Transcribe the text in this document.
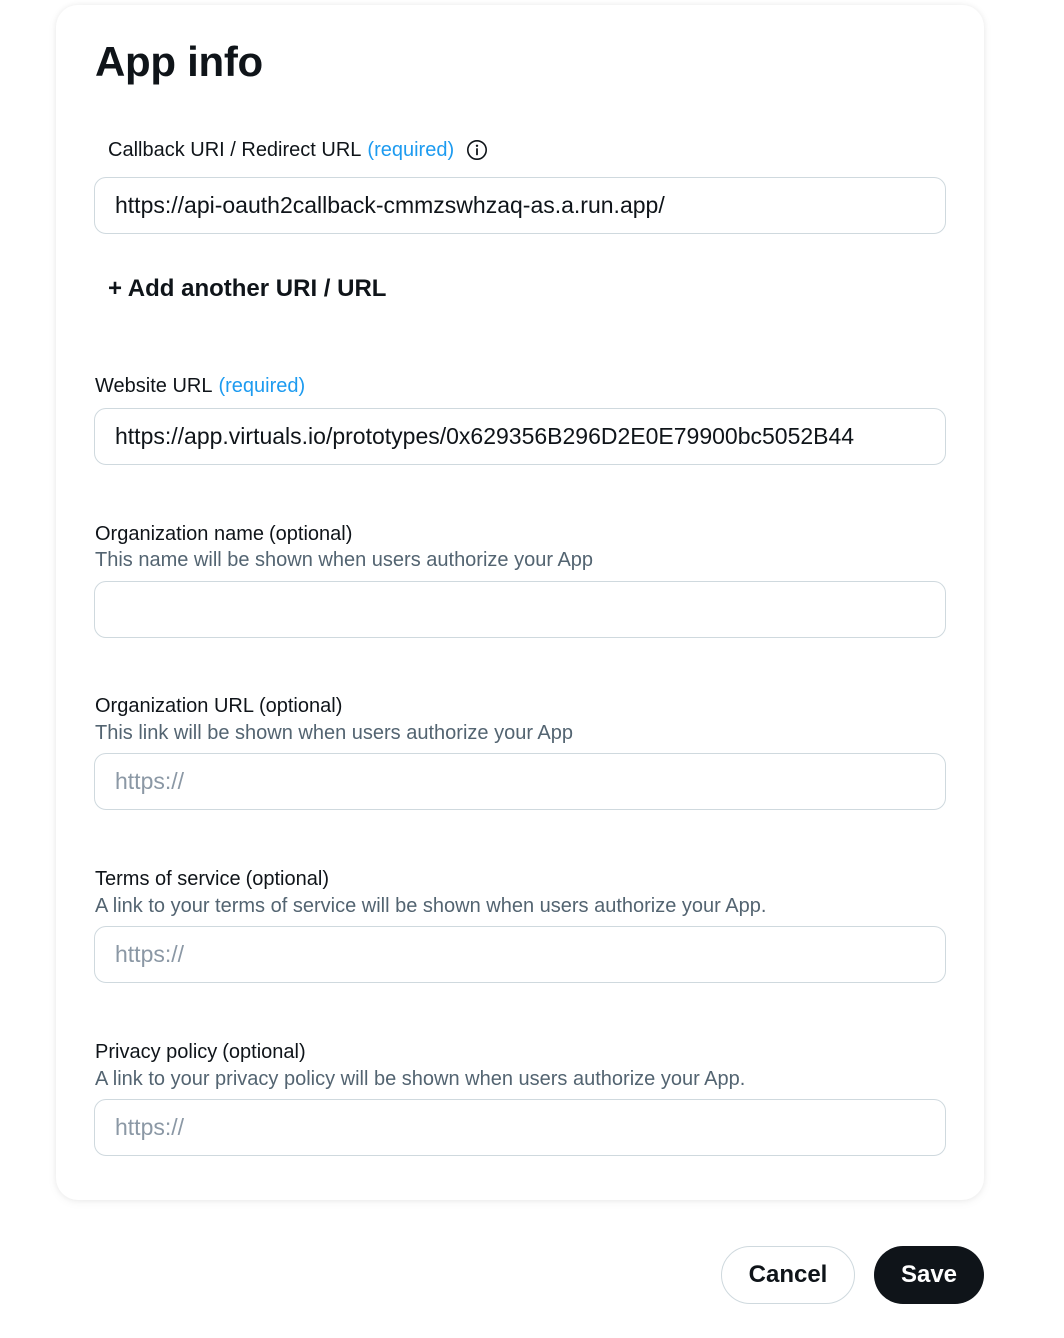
App info
Callback URI / Redirect URL (required)
https://api-oauth2callback-cmmzswhzaq-as.a.run.app/
+ Add another URI / URL
Website URL (required)
https://app.virtuals.io/prototypes/0x629356B296D2E0E79900bc5052B44
Organization name (optional)
This name will be shown when users authorize your App
Organization URL (optional)
This link will be shown when users authorize your App
https://
Terms of service (optional)
A link to your terms of service will be shown when users authorize your App.
https://
Privacy policy (optional)
A link to your privacy policy will be shown when users authorize your App.
https://
Cancel	Save
